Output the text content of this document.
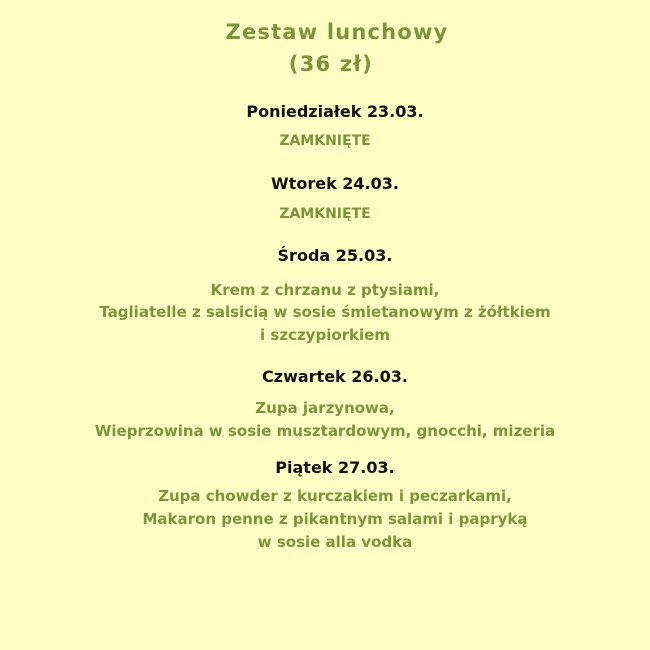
Zestaw lunchowy
(36 zł)
Poniedziałek 23.03.
ZAMKNIĘTE
Wtorek 24.03.
ZAMKNIĘTE
Środa 25.03.
Krem z chrzanu z ptysiami,
Tagliatelle z salsicią w sosie śmietanowym z żółtkiem
i szczypiorkiem
Czwartek 26.03.
Zupa jarzynowa,
Wieprzowina w sosie musztardowym, gnocchi, mizeria
Piątek 27.03.
Zupa chowder z kurczakiem i peczarkami,
Makaron penne z pikantnym salami i papryką
w sosie alla vodka
